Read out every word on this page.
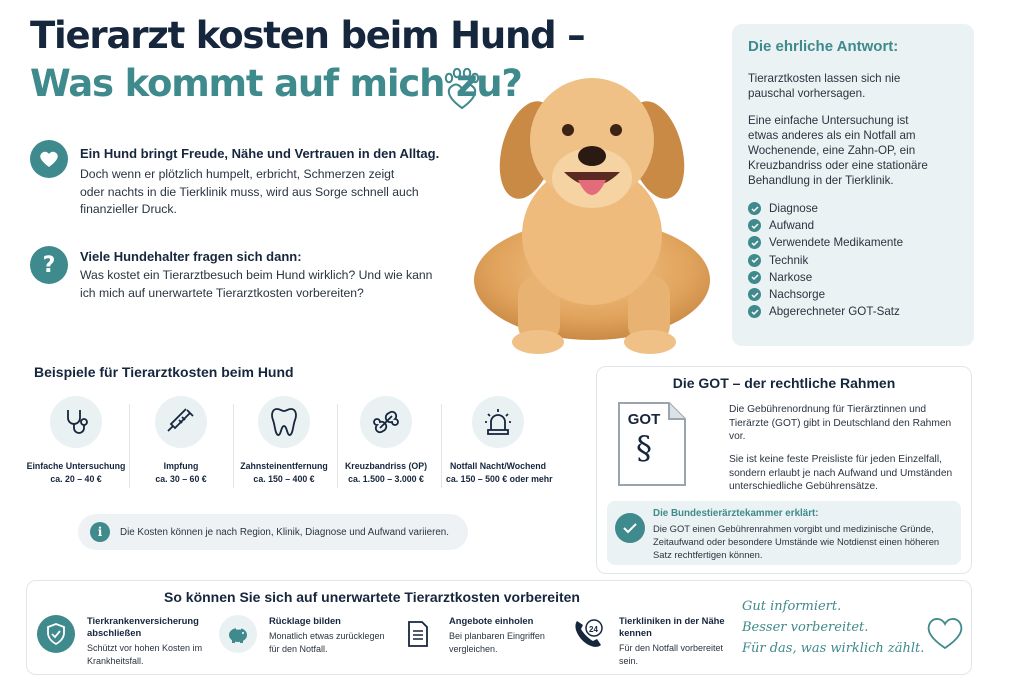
Tierarzt kosten beim Hund –
Was kommt auf mich zu?
Ein Hund bringt Freude, Nähe und Vertrauen in den Alltag.
Doch wenn er plötzlich humpelt, erbricht, Schmerzen zeigt oder nachts in die Tierklinik muss, wird aus Sorge schnell auch finanzieller Druck.
? Viele Hundehalter fragen sich dann:
Was kostet ein Tierarztbesuch beim Hund wirklich? Und wie kann ich mich auf unerwartete Tierarztkosten vorbereiten?
Die ehrliche Antwort:

Tierarztkosten lassen sich nie pauschal vorhersagen.

Eine einfache Untersuchung ist etwas anderes als ein Notfall am Wochenende, eine Zahn-OP, ein Kreuzbandriss oder eine stationäre Behandlung in der Tierklinik.

Diagnose
Aufwand
Verwendete Medikamente
Technik
Narkose
Nachsorge
Abgerechneter GOT-Satz
Beispiele für Tierarztkosten beim Hund
Einfache Untersuchung
ca. 20 – 40 €
Impfung
ca. 30 – 60 €
Zahnsteinentfernung
ca. 150 – 400 €
Kreuzbandriss (OP)
ca. 1.500 – 3.000 €
Notfall Nacht/Wochend
ca. 150 – 500 € oder mehr
i	Die Kosten können je nach Region, Klinik, Diagnose und Aufwand variieren.
Die GOT – der rechtliche Rahmen
GOT
§
Die Gebührenordnung für Tierärztinnen und Tierärzte (GOT) gibt in Deutschland den Rahmen vor.
Sie ist keine feste Preisliste für jeden Einzelfall, sondern erlaubt je nach Aufwand und Umständen unterschiedliche Gebührensätze.
Die Bundestierärztekammer erklärt:
Die GOT einen Gebührenrahmen vorgibt und medizinische Gründe, Zeitaufwand oder besondere Umstände wie Notdienst einen höheren Satz rechtfertigen können.
So können Sie sich auf unerwartete Tierarztkosten vorbereiten
Tierkrankenversicherung abschließen
Schützt vor hohen Kosten im Krankheitsfall.
Rücklage bilden
Monatlich etwas zurücklegen für den Notfall.
Angebote einholen
Bei planbaren Eingriffen vergleichen.
24
Tierkliniken in der Nähe kennen
Für den Notfall vorbereitet sein.
Gut informiert.
Besser vorbereitet.
Für das, was wirklich zählt.
